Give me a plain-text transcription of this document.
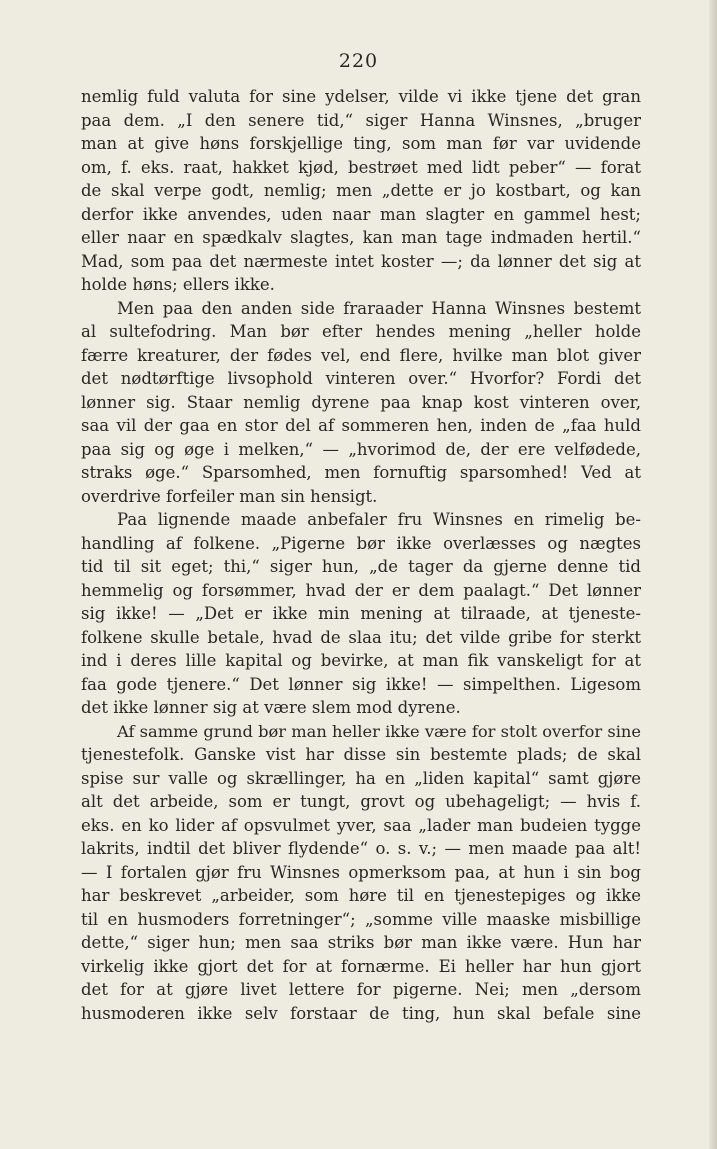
220
nemlig fuld valuta for sine ydelser, vilde vi ikke tjene det gran
paa dem. „I den senere tid,“ siger Hanna Winsnes, „bruger
man at give høns forskjellige ting, som man før var uvidende
om, f. eks. raat, hakket kjød, bestrøet med lidt peber“ — forat
de skal verpe godt, nemlig; men „dette er jo kostbart, og kan
derfor ikke anvendes, uden naar man slagter en gammel hest;
eller naar en spædkalv slagtes, kan man tage indmaden hertil.“
Mad, som paa det nærmeste intet koster —; da lønner det sig at
holde høns; ellers ikke.
Men paa den anden side fraraader Hanna Winsnes bestemt
al sultefodring. Man bør efter hendes mening „heller holde
færre kreaturer, der fødes vel, end flere, hvilke man blot giver
det nødtørftige livsophold vinteren over.“ Hvorfor? Fordi det
lønner sig. Staar nemlig dyrene paa knap kost vinteren over,
saa vil der gaa en stor del af sommeren hen, inden de „faa huld
paa sig og øge i melken,“ — „hvorimod de, der ere velfødede,
straks øge.“ Sparsomhed, men fornuftig sparsomhed! Ved at
overdrive forfeiler man sin hensigt.
Paa lignende maade anbefaler fru Winsnes en rimelig be-
handling af folkene. „Pigerne bør ikke overlæsses og nægtes
tid til sit eget; thi,“ siger hun, „de tager da gjerne denne tid
hemmelig og forsømmer, hvad der er dem paalagt.“ Det lønner
sig ikke! — „Det er ikke min mening at tilraade, at tjeneste-
folkene skulle betale, hvad de slaa itu; det vilde gribe for sterkt
ind i deres lille kapital og bevirke, at man fik vanskeligt for at
faa gode tjenere.“ Det lønner sig ikke! — simpelthen. Ligesom
det ikke lønner sig at være slem mod dyrene.
Af samme grund bør man heller ikke være for stolt overfor sine
tjenestefolk. Ganske vist har disse sin bestemte plads; de skal
spise sur valle og skrællinger, ha en „liden kapital“ samt gjøre
alt det arbeide, som er tungt, grovt og ubehageligt; — hvis f.
eks. en ko lider af opsvulmet yver, saa „lader man budeien tygge
lakrits, indtil det bliver flydende“ o. s. v.; — men maade paa alt!
— I fortalen gjør fru Winsnes opmerksom paa, at hun i sin bog
har beskrevet „arbeider, som høre til en tjenestepiges og ikke
til en husmoders forretninger“; „somme ville maaske misbillige
dette,“ siger hun; men saa striks bør man ikke være. Hun har
virkelig ikke gjort det for at fornærme. Ei heller har hun gjort
det for at gjøre livet lettere for pigerne. Nei; men „dersom
husmoderen ikke selv forstaar de ting, hun skal befale sine
